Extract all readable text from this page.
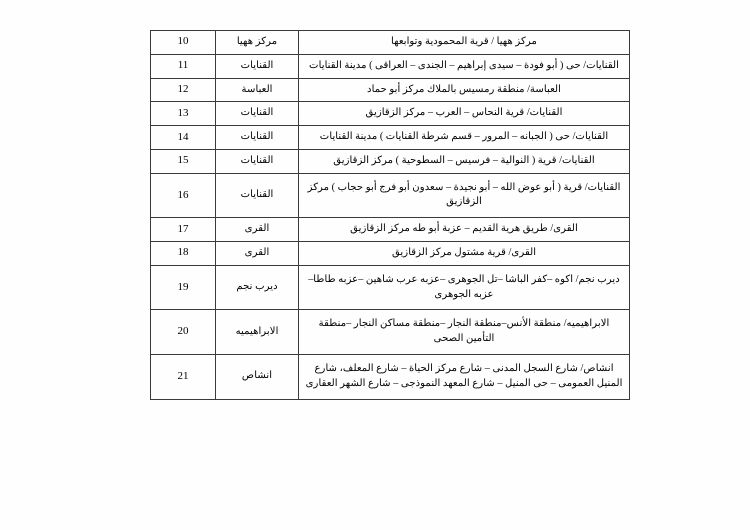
مركز ههيا / قرية المحمودية وتوابعها	مركز ههيا	10
القنايات/ حى ( أبو فودة – سيدى إبراهيم – الجندى – العراقى ) مدينة القنايات	القنايات	11
العباسة/ منطقة رمسيس بالملاك مركز أبو حماد	العباسة	12
القنايات/ قرية النحاس – العرب – مركز الزقازيق	القنايات	13
القنايات/ حى ( الجبانه – المرور – قسم شرطة القنايات ) مدينة القنايات	القنايات	14
القنايات/ قرية ( النوالية – فرسيس – السطوحية ) مركز الزقازيق	القنايات	15
القنايات/ قرية ( أبو عوض الله – أبو نجيدة – سعدون أبو فرج أبو حجاب ) مركز الزقازيق	القنايات	16
القرى/ طريق هرية القديم – عزبة أبو طه مركز الزقازيق	القرى	17
القرى/ قرية مشتول مركز الزقازيق	القرى	18
ديرب نجم/ اكوه –كفر الباشا –تل الجوهرى –عزبه عرب شاهين –عزبه طاطا–عزبه الجوهرى	ديرب نجم	19
الابراهيميه/ منطقة الأنس–منطقة النجار –منطقة مساكن النجار –منطقة التأمين الصحى	الابراهيميه	20
انشاص/ شارع السجل المدنى – شارع مركز الحياة – شارع المعلف، شارع المنيل العمومى – حى المنيل – شارع المعهد النموذجى – شارع الشهر العقارى	انشاص	21
